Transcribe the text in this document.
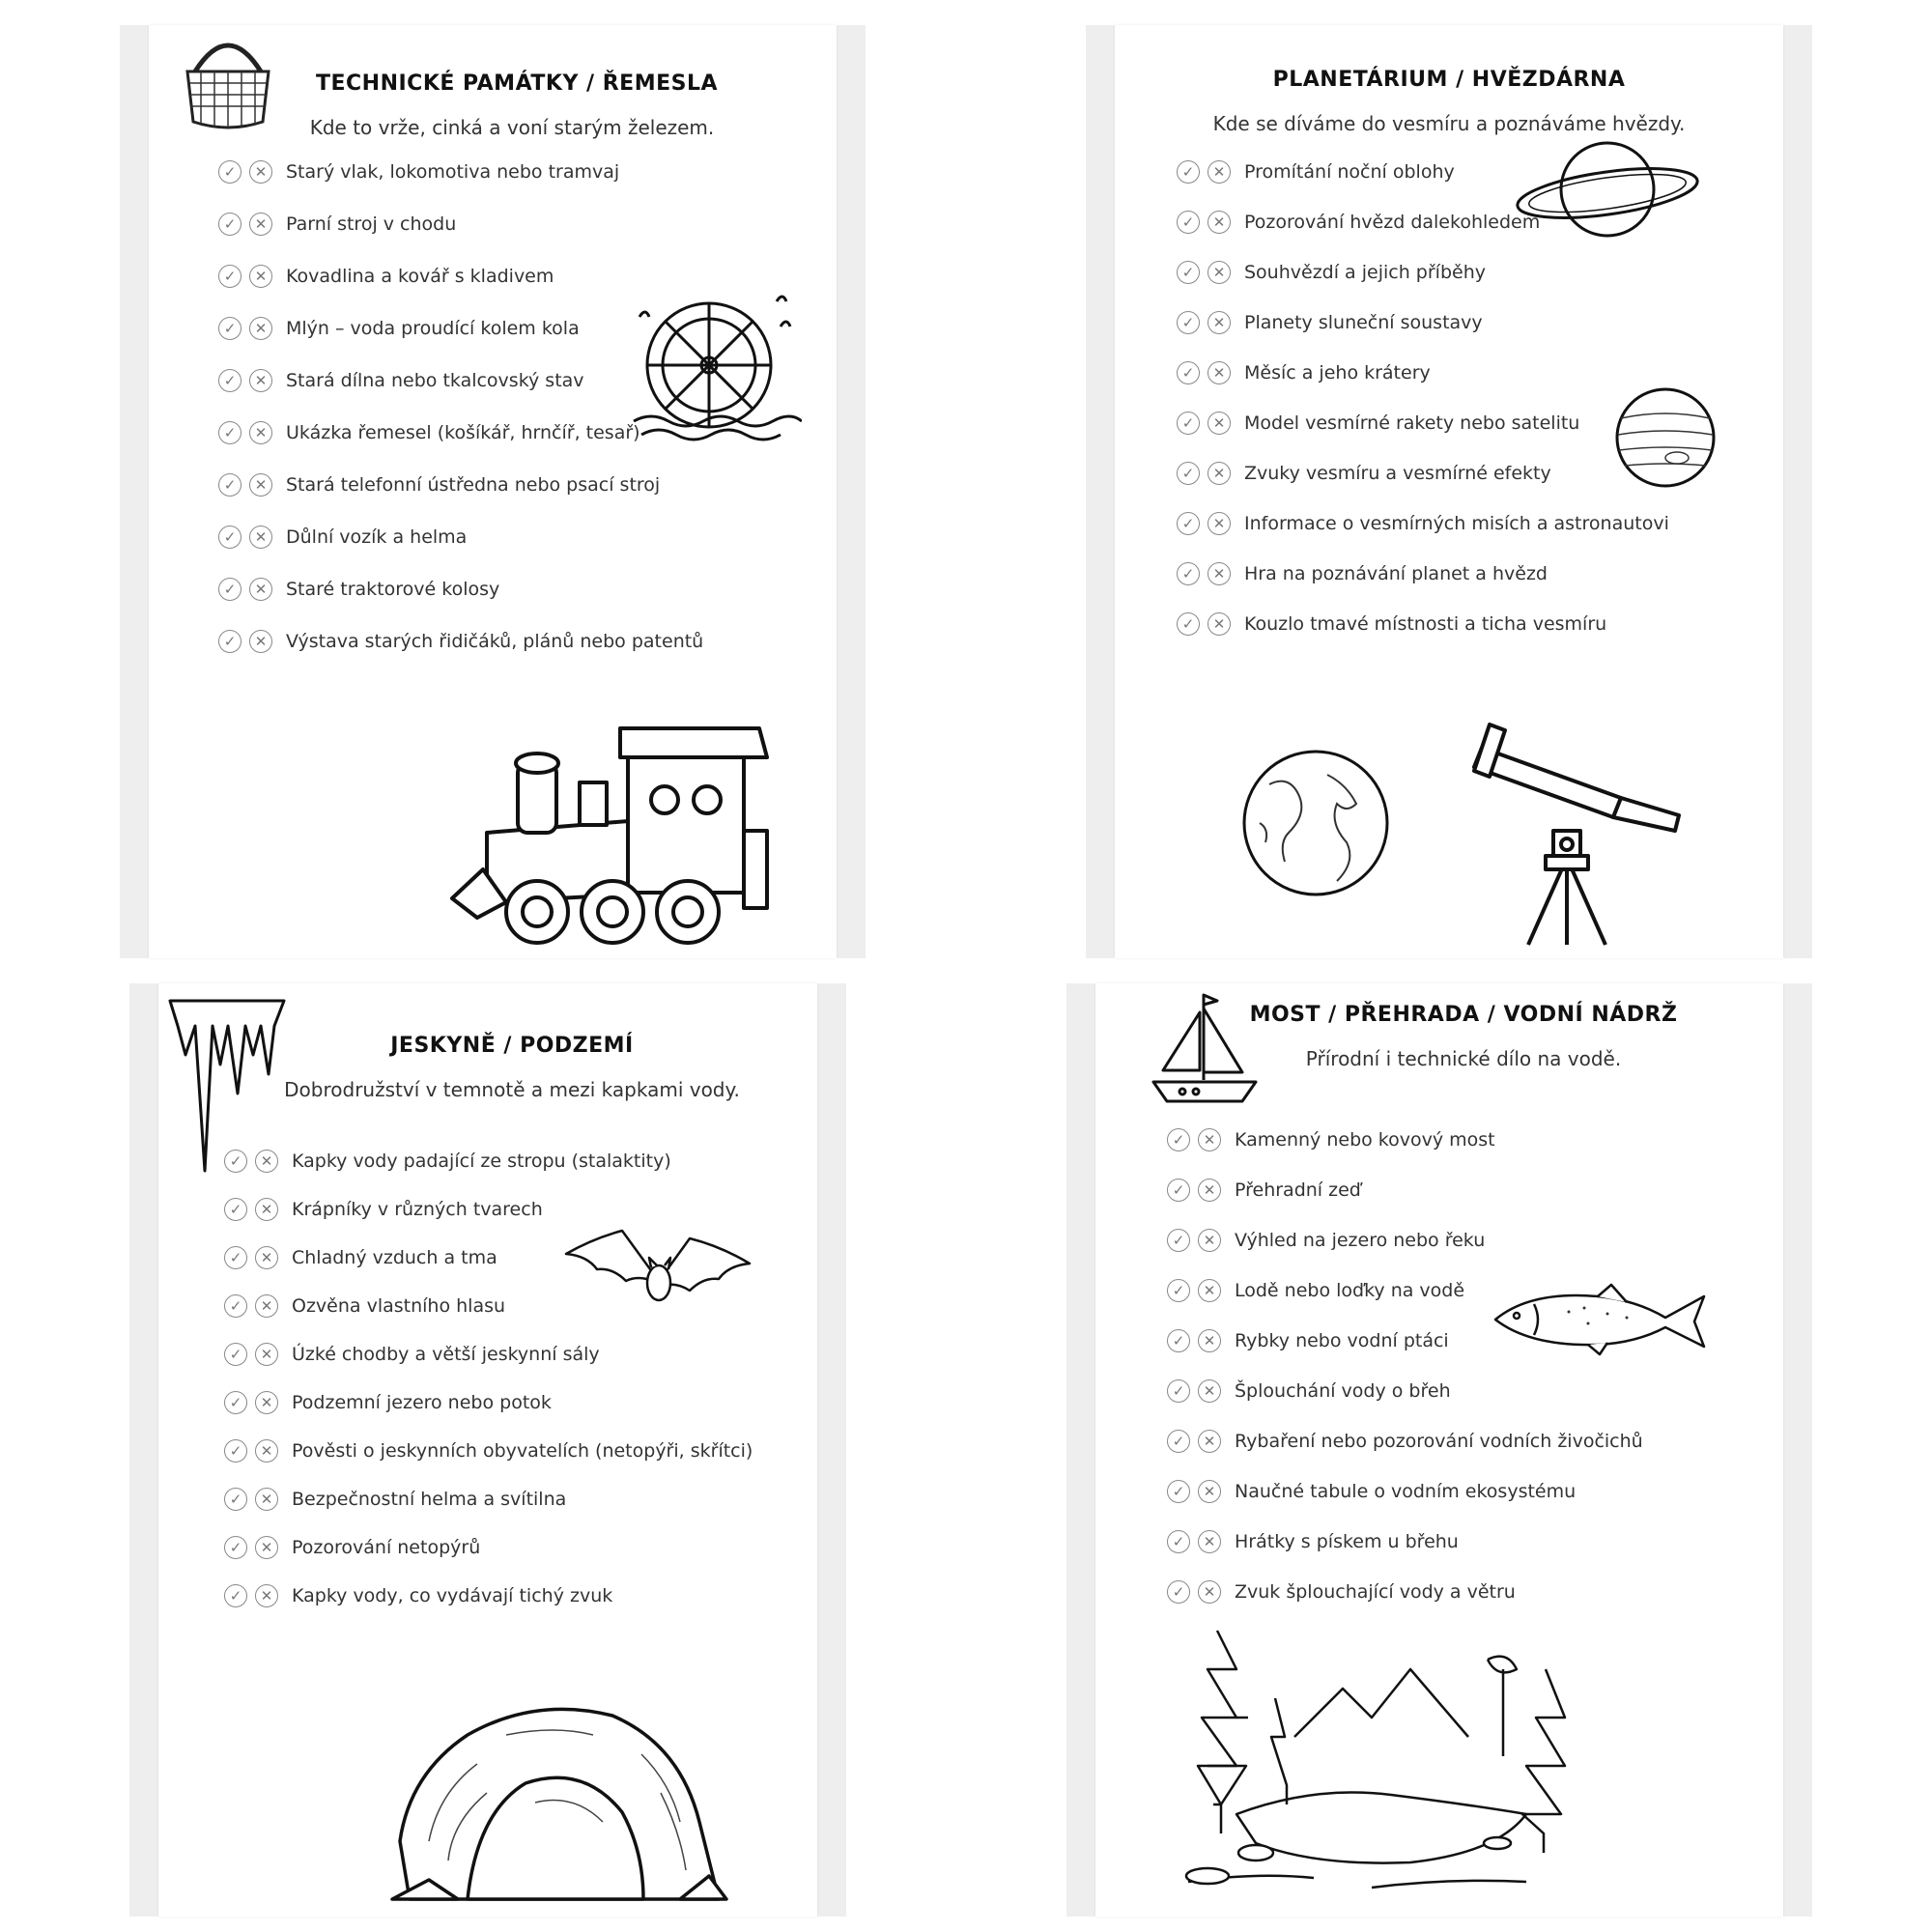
TECHNICKÉ PAMÁTKY / ŘEMESLA
Kde to vrže, cinká a voní starým železem.
PLANETÁRIUM / HVĚZDÁRNA
Kde se díváme do vesmíru a poznáváme hvězdy.
JESKYNĚ / PODZEMÍ
Dobrodružství v temnotě a mezi kapkami vody.
MOST / PŘEHRADA / VODNÍ NÁDRŽ
Přírodní i technické dílo na vodě.
✓	✕	Starý vlak, lokomotiva nebo tramvaj
✓	✕	Parní stroj v chodu
✓	✕	Kovadlina a kovář s kladivem
✓	✕	Mlýn – voda proudící kolem kola
✓	✕	Stará dílna nebo tkalcovský stav
✓	✕	Ukázka řemesel (košíkář, hrnčíř, tesař)
✓	✕	Stará telefonní ústředna nebo psací stroj
✓	✕	Důlní vozík a helma
✓	✕	Staré traktorové kolosy
✓	✕	Výstava starých řidičáků, plánů nebo patentů
✓	✕	Promítání noční oblohy
✓	✕	Pozorování hvězd dalekohledem
✓	✕	Souhvězdí a jejich příběhy
✓	✕	Planety sluneční soustavy
✓	✕	Měsíc a jeho krátery
✓	✕	Model vesmírné rakety nebo satelitu
✓	✕	Zvuky vesmíru a vesmírné efekty
✓	✕	Informace o vesmírných misích a astronautovi
✓	✕	Hra na poznávání planet a hvězd
✓	✕	Kouzlo tmavé místnosti a ticha vesmíru
✓	✕	Kapky vody padající ze stropu (stalaktity)
✓	✕	Krápníky v různých tvarech
✓	✕	Chladný vzduch a tma
✓	✕	Ozvěna vlastního hlasu
✓	✕	Úzké chodby a větší jeskynní sály
✓	✕	Podzemní jezero nebo potok
✓	✕	Pověsti o jeskynních obyvatelích (netopýři, skřítci)
✓	✕	Bezpečnostní helma a svítilna
✓	✕	Pozorování netopýrů
✓	✕	Kapky vody, co vydávají tichý zvuk
✓	✕	Kamenný nebo kovový most
✓	✕	Přehradní zeď
✓	✕	Výhled na jezero nebo řeku
✓	✕	Lodě nebo loďky na vodě
✓	✕	Rybky nebo vodní ptáci
✓	✕	Šplouchání vody o břeh
✓	✕	Rybaření nebo pozorování vodních živočichů
✓	✕	Naučné tabule o vodním ekosystému
✓	✕	Hrátky s pískem u břehu
✓	✕	Zvuk šplouchající vody a větru
